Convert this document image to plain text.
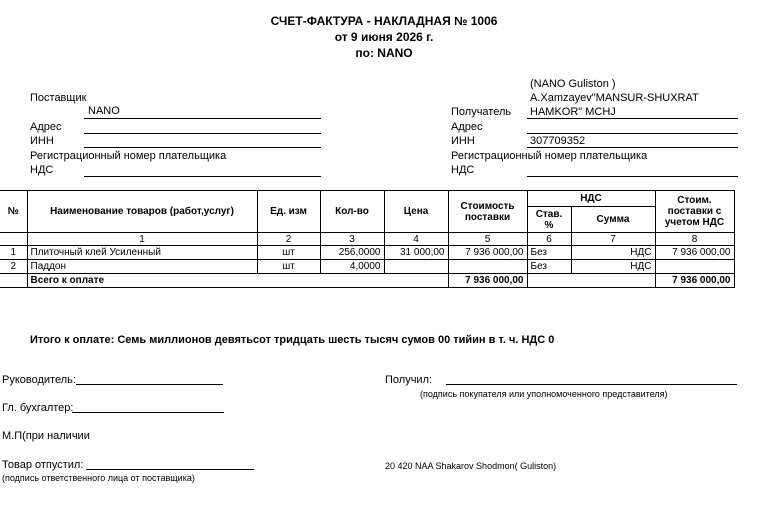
СЧЕТ-ФАКТУРА - НАКЛАДНАЯ № 1006
от 9 июня 2026 г.
по: NANO
Поставщик
NANO
Адрес
ИНН
Регистрационный номер плательщика
НДС
(NANO Guliston )
A.Xamzayev"MANSUR-SHUXRAT
Получатель HAMKOR" MCHJ
Адрес
ИНН	307709352
Регистрационный номер плательщика
НДС
№	Наименование товаров (работ,услуг)	Ед. изм	Кол-во	Цена	Стоимость поставки	НДС		Стоим. поставки с учетом НДС
						Став. %	Сумма	
	1	2	3	4	5	6	7	8
1	Плиточный клей Усиленный	шт	256,0000	31 000,00	7 936 000,00	Без	НДС	7 936 000,00
2	Паддон	шт	4,0000			Без	НДС	
	Всего к оплате				7 936 000,00			7 936 000,00
Итого к оплате: Семь миллионов девятьсот тридцать шесть тысяч сумов 00 тийин в т. ч. НДС 0
Руководитель:
Гл. бухгалтер:
М.П(при наличии
Товар отпустил:
(подпись ответственного лица от поставщика)
Получил:
(подпись покупателя или уполномоченного представителя)
20 420 NAA Shakarov Shodmon( Guliston)
